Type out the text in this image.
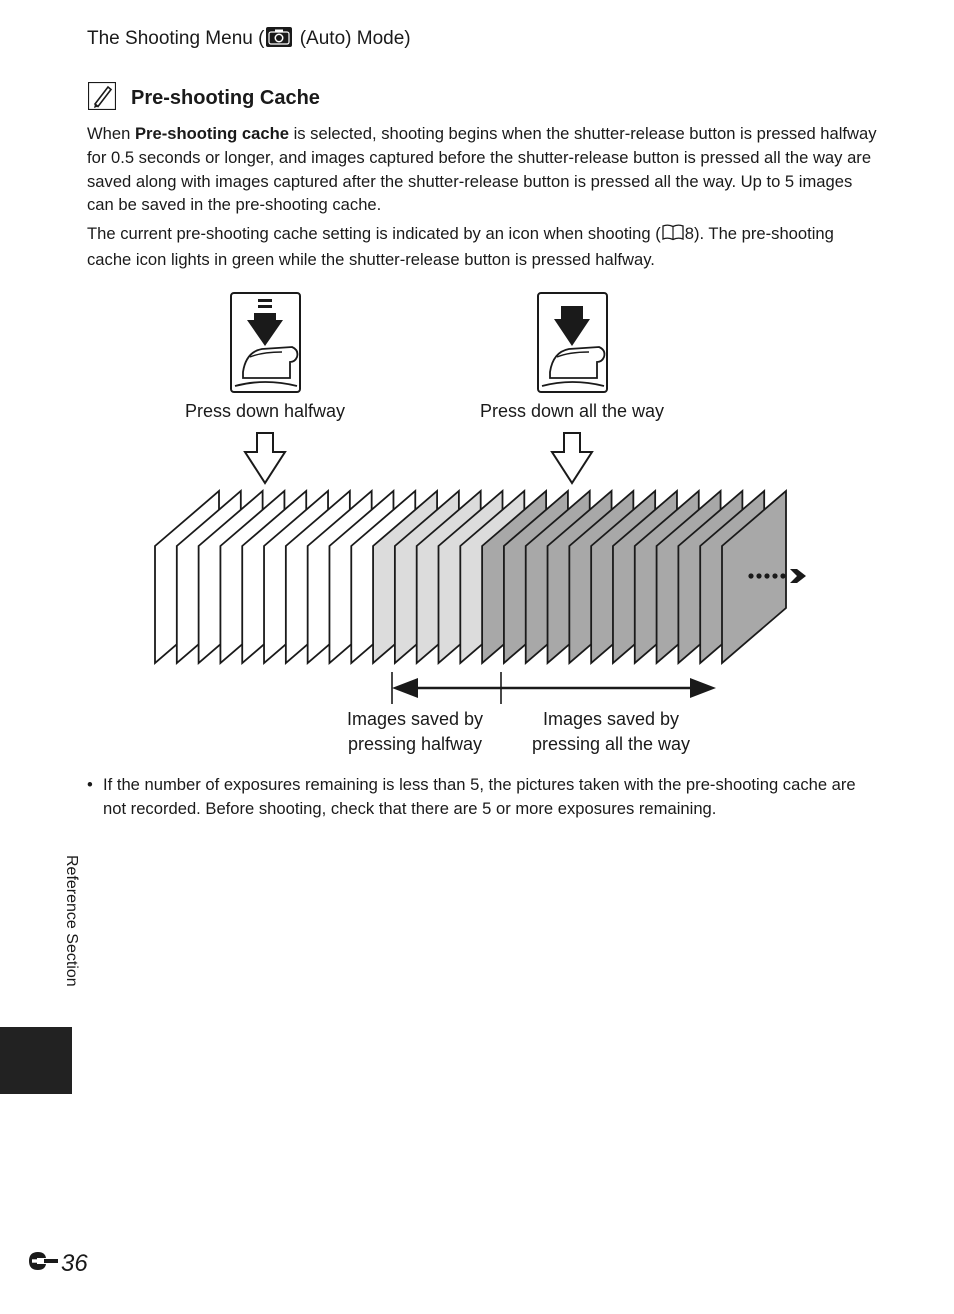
The Shooting Menu ( (Auto) Mode)
Pre-shooting Cache
When Pre-shooting cache is selected, shooting begins when the shutter-release button is pressed halfway for 0.5 seconds or longer, and images captured before the shutter-release button is pressed all the way are saved along with images captured after the shutter-release button is pressed all the way. Up to 5 images can be saved in the pre-shooting cache.
The current pre-shooting cache setting is indicated by an icon when shooting ( 8). The pre-shooting cache icon lights in green while the shutter-release button is pressed halfway.
Press down halfway	Press down all the way
Images saved by
pressing halfway
Images saved by
pressing all the way
• If the number of exposures remaining is less than 5, the pictures taken with the pre-shooting cache are not recorded. Before shooting, check that there are 5 or more exposures remaining.
Reference Section
36
